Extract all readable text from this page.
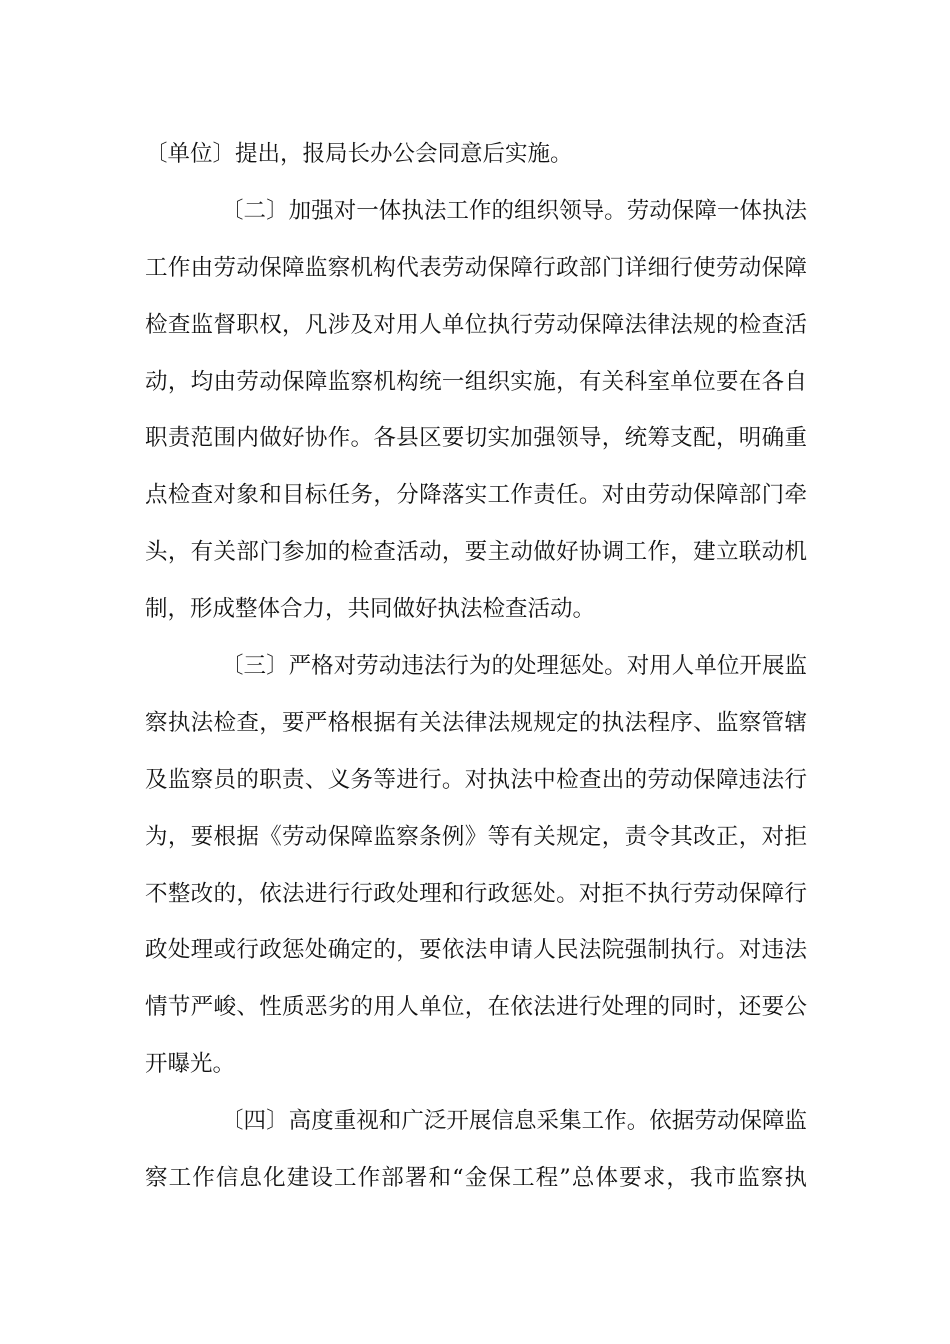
〔单位〕提出，报局长办公会同意后实施。
〔二〕加强对一体执法工作的组织领导。劳动保障一体执法
工作由劳动保障监察机构代表劳动保障行政部门详细行使劳动保障
检查监督职权，凡涉及对用人单位执行劳动保障法律法规的检查活
动，均由劳动保障监察机构统一组织实施，有关科室单位要在各自
职责范围内做好协作。各县区要切实加强领导，统筹支配，明确重
点检查对象和目标任务，分降落实工作责任。对由劳动保障部门牵
头，有关部门参加的检查活动，要主动做好协调工作，建立联动机
制，形成整体合力，共同做好执法检查活动。
〔三〕严格对劳动违法行为的处理惩处。对用人单位开展监
察执法检查，要严格根据有关法律法规规定的执法程序、监察管辖
及监察员的职责、义务等进行。对执法中检查出的劳动保障违法行
为，要根据《劳动保障监察条例》等有关规定，责令其改正，对拒
不整改的，依法进行行政处理和行政惩处。对拒不执行劳动保障行
政处理或行政惩处确定的，要依法申请人民法院强制执行。对违法
情节严峻、性质恶劣的用人单位，在依法进行处理的同时，还要公
开曝光。
〔四〕高度重视和广泛开展信息采集工作。依据劳动保障监
察工作信息化建设工作部署和“金保工程”总体要求，我市监察执
